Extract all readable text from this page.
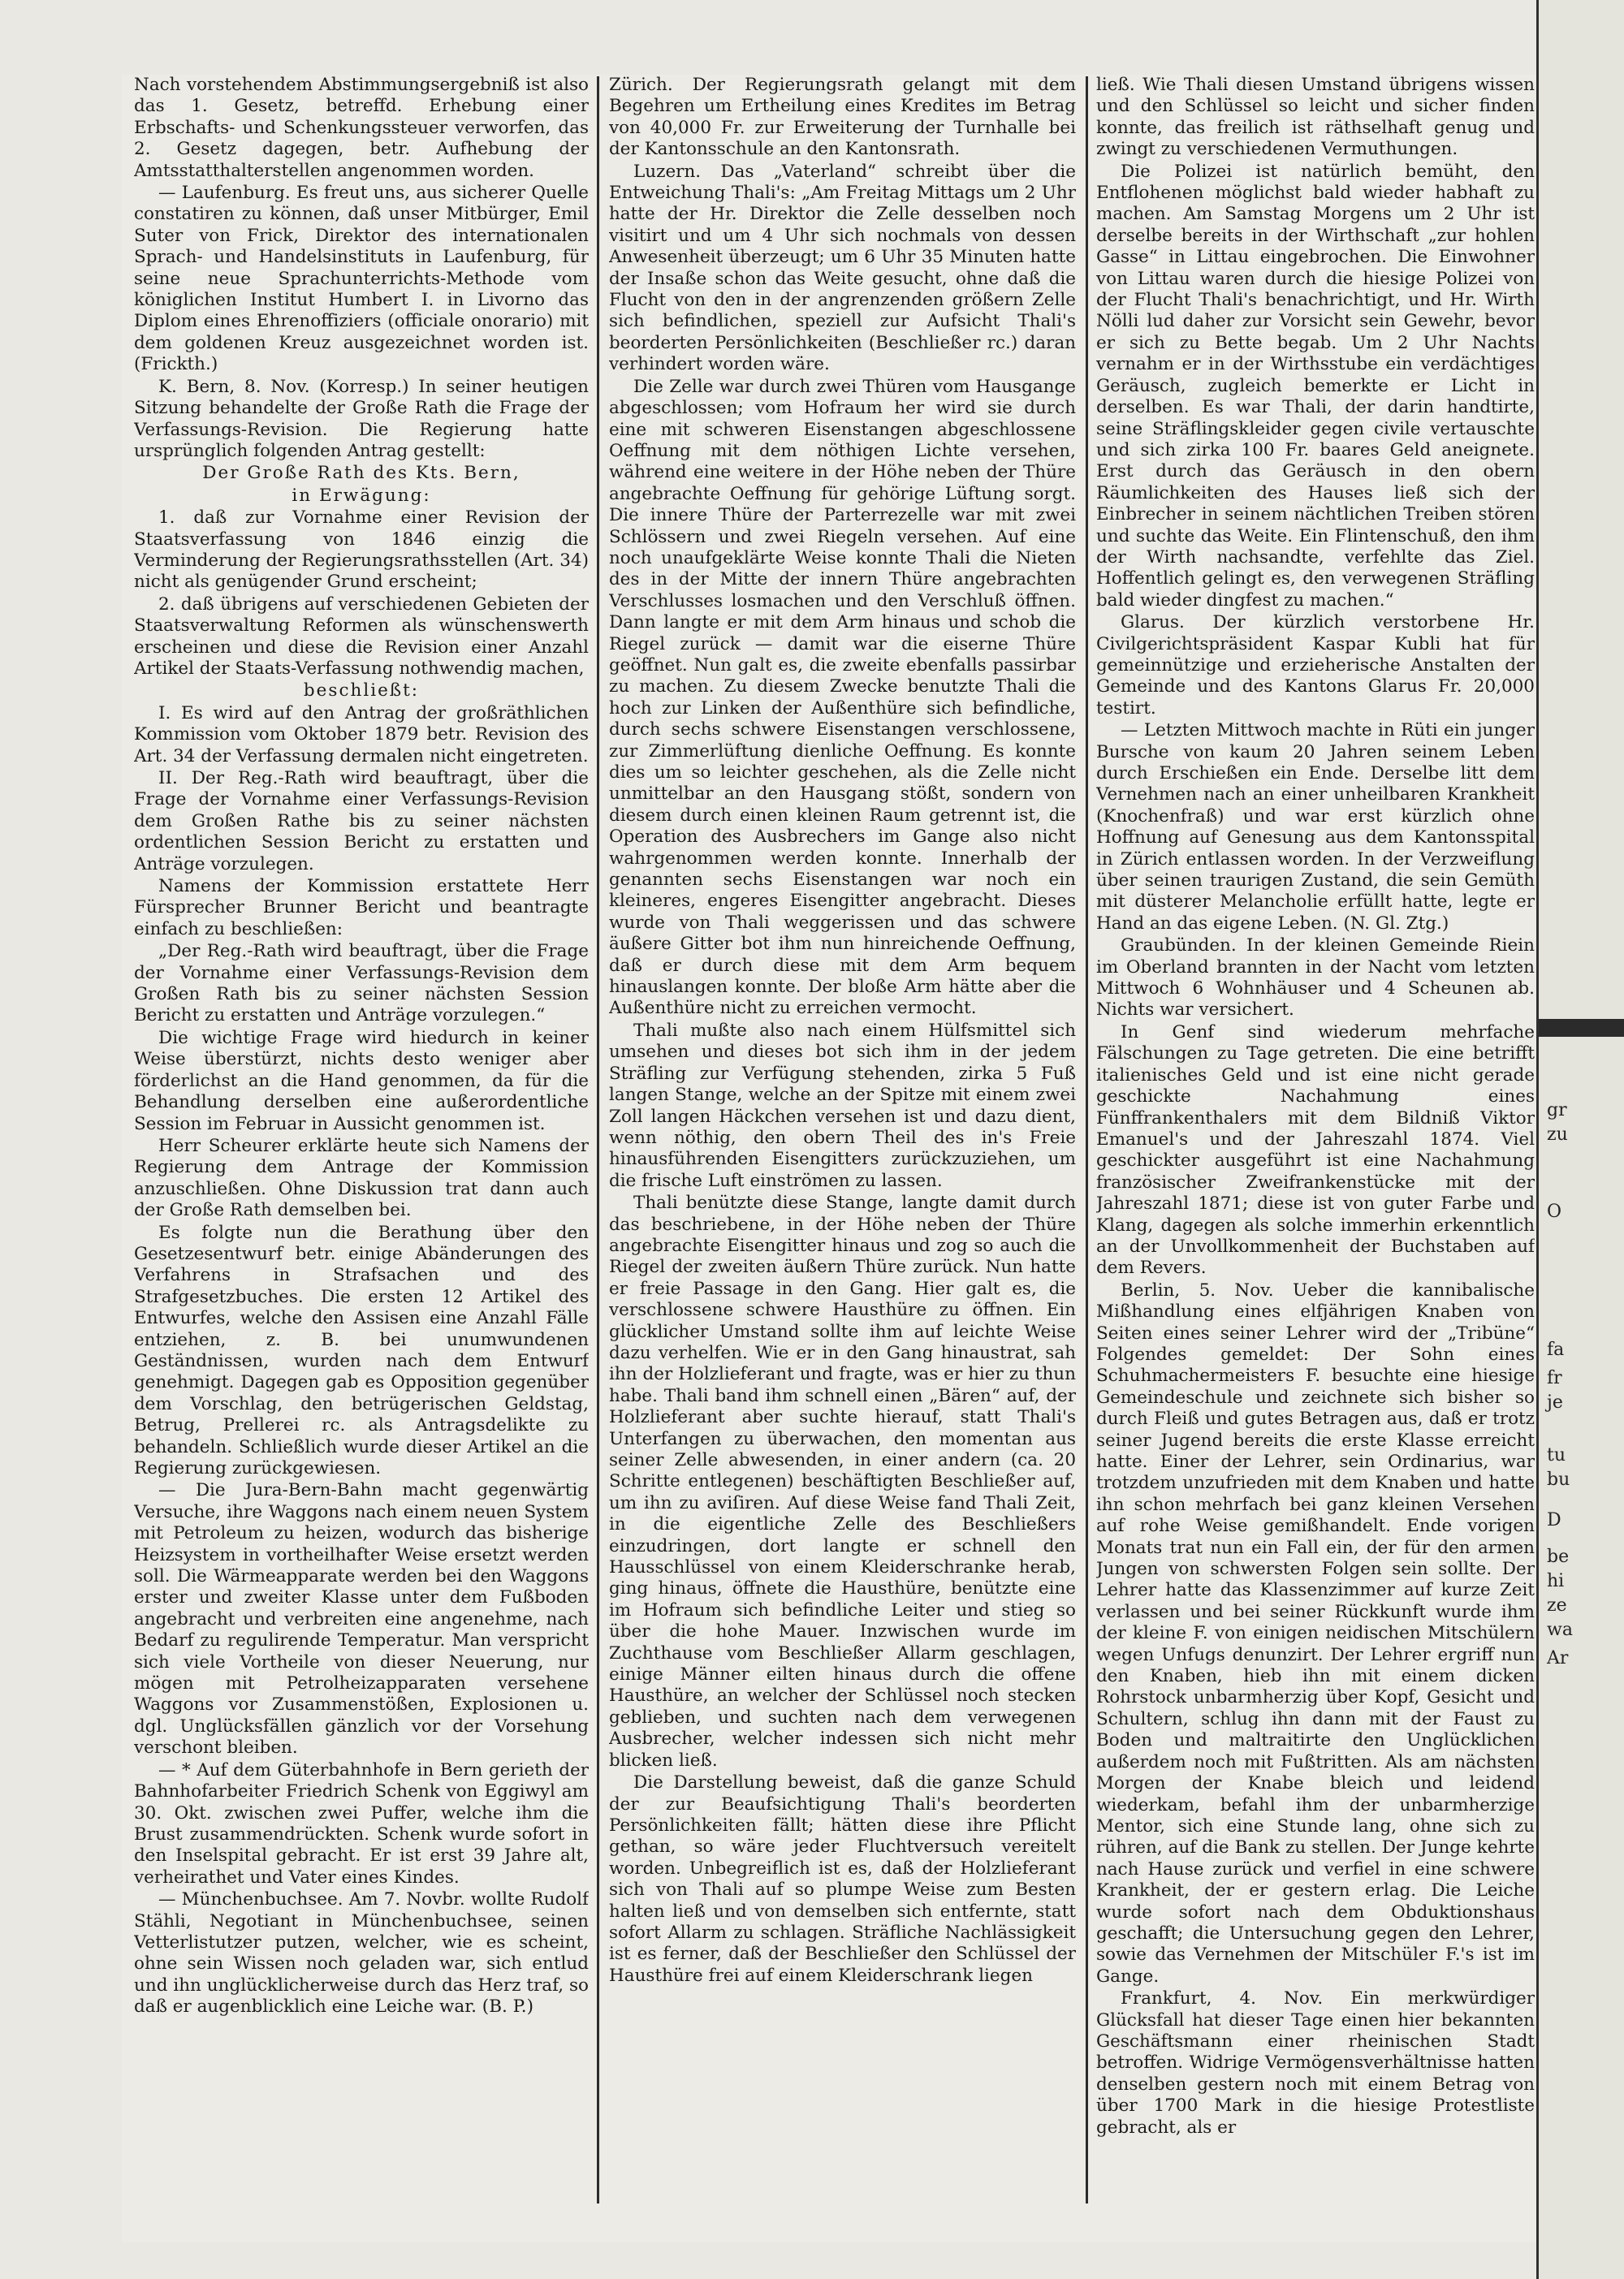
Nach vorstehendem Abstimmungsergebniß ist also das 1. Gesetz, betreffd. Erhebung einer Erbschafts- und Schenkungssteuer verworfen, das 2. Gesetz dagegen, betr. Aufhebung der Amtsstatthalterstellen angenommen worden.

— Laufenburg. Es freut uns, aus sicherer Quelle constatiren zu können, daß unser Mitbürger, Emil Suter von Frick, Direktor des internationalen Sprach- und Handelsinstituts in Laufenburg, für seine neue Sprachunterrichts-Methode vom königlichen Institut Humbert I. in Livorno das Diplom eines Ehrenoffiziers (officiale onorario) mit dem goldenen Kreuz ausgezeichnet worden ist. (Frickth.)

K. Bern, 8. Nov. (Korresp.) In seiner heutigen Sitzung behandelte der Große Rath die Frage der Verfassungs-Revision. Die Regierung hatte ursprünglich folgenden Antrag gestellt:

Der Große Rath des Kts. Bern,

in Erwägung:

1. daß zur Vornahme einer Revision der Staatsverfassung von 1846 einzig die Verminderung der Regierungsrathsstellen (Art. 34) nicht als genügender Grund erscheint;

2. daß übrigens auf verschiedenen Gebieten der Staatsverwaltung Reformen als wünschenswerth erscheinen und diese die Revision einer Anzahl Artikel der Staats-Verfassung nothwendig machen,

beschließt:

I. Es wird auf den Antrag der großräthlichen Kommission vom Oktober 1879 betr. Revision des Art. 34 der Verfassung dermalen nicht eingetreten.

II. Der Reg.-Rath wird beauftragt, über die Frage der Vornahme einer Verfassungs-Revision dem Großen Rathe bis zu seiner nächsten ordentlichen Session Bericht zu erstatten und Anträge vorzulegen.

Namens der Kommission erstattete Herr Fürsprecher Brunner Bericht und beantragte einfach zu beschließen:

„Der Reg.-Rath wird beauftragt, über die Frage der Vornahme einer Verfassungs-Revision dem Großen Rath bis zu seiner nächsten Session Bericht zu erstatten und Anträge vorzulegen.“

Die wichtige Frage wird hiedurch in keiner Weise überstürzt, nichts desto weniger aber förderlichst an die Hand genommen, da für die Behandlung derselben eine außerordentliche Session im Februar in Aussicht genommen ist.

Herr Scheurer erklärte heute sich Namens der Regierung dem Antrage der Kommission anzuschließen. Ohne Diskussion trat dann auch der Große Rath demselben bei.

Es folgte nun die Berathung über den Gesetzesentwurf betr. einige Abänderungen des Verfahrens in Strafsachen und des Strafgesetzbuches. Die ersten 12 Artikel des Entwurfes, welche den Assisen eine Anzahl Fälle entziehen, z. B. bei unumwundenen Geständnissen, wurden nach dem Entwurf genehmigt. Dagegen gab es Opposition gegenüber dem Vorschlag, den betrügerischen Geldstag, Betrug, Prellerei rc. als Antragsdelikte zu behandeln. Schließlich wurde dieser Artikel an die Regierung zurückgewiesen.

— Die Jura-Bern-Bahn macht gegenwärtig Versuche, ihre Waggons nach einem neuen System mit Petroleum zu heizen, wodurch das bisherige Heizsystem in vortheilhafter Weise ersetzt werden soll. Die Wärmeapparate werden bei den Waggons erster und zweiter Klasse unter dem Fußboden angebracht und verbreiten eine angenehme, nach Bedarf zu regulirende Temperatur. Man verspricht sich viele Vortheile von dieser Neuerung, nur mögen mit Petrolheizapparaten versehene Waggons vor Zusammenstößen, Explosionen u. dgl. Unglücksfällen gänzlich vor der Vorsehung verschont bleiben.

— * Auf dem Güterbahnhofe in Bern gerieth der Bahnhofarbeiter Friedrich Schenk von Eggiwyl am 30. Okt. zwischen zwei Puffer, welche ihm die Brust zusammendrückten. Schenk wurde sofort in den Inselspital gebracht. Er ist erst 39 Jahre alt, verheirathet und Vater eines Kindes.

— Münchenbuchsee. Am 7. Novbr. wollte Rudolf Stähli, Negotiant in Münchenbuchsee, seinen Vetterlistutzer putzen, welcher, wie es scheint, ohne sein Wissen noch geladen war, sich entlud und ihn unglücklicherweise durch das Herz traf, so daß er augenblicklich eine Leiche war. (B. P.)

Zürich. Der Regierungsrath gelangt mit dem Begehren um Ertheilung eines Kredites im Betrag von 40,000 Fr. zur Erweiterung der Turnhalle bei der Kantonsschule an den Kantonsrath.

Luzern. Das „Vaterland“ schreibt über die Entweichung Thali's: „Am Freitag Mittags um 2 Uhr hatte der Hr. Direktor die Zelle desselben noch visitirt und um 4 Uhr sich nochmals von dessen Anwesenheit überzeugt; um 6 Uhr 35 Minuten hatte der Insaße schon das Weite gesucht, ohne daß die Flucht von den in der angrenzenden größern Zelle sich befindlichen, speziell zur Aufsicht Thali's beorderten Persönlichkeiten (Beschließer rc.) daran verhindert worden wäre.

Die Zelle war durch zwei Thüren vom Hausgange abgeschlossen; vom Hofraum her wird sie durch eine mit schweren Eisenstangen abgeschlossene Oeffnung mit dem nöthigen Lichte versehen, während eine weitere in der Höhe neben der Thüre angebrachte Oeffnung für gehörige Lüftung sorgt. Die innere Thüre der Parterrezelle war mit zwei Schlössern und zwei Riegeln versehen. Auf eine noch unaufgeklärte Weise konnte Thali die Nieten des in der Mitte der innern Thüre angebrachten Verschlusses losmachen und den Verschluß öffnen. Dann langte er mit dem Arm hinaus und schob die Riegel zurück — damit war die eiserne Thüre geöffnet. Nun galt es, die zweite ebenfalls passirbar zu machen. Zu diesem Zwecke benutzte Thali die hoch zur Linken der Außenthüre sich befindliche, durch sechs schwere Eisenstangen verschlossene, zur Zimmerlüftung dienliche Oeffnung. Es konnte dies um so leichter geschehen, als die Zelle nicht unmittelbar an den Hausgang stößt, sondern von diesem durch einen kleinen Raum getrennt ist, die Operation des Ausbrechers im Gange also nicht wahrgenommen werden konnte. Innerhalb der genannten sechs Eisenstangen war noch ein kleineres, engeres Eisengitter angebracht. Dieses wurde von Thali weggerissen und das schwere äußere Gitter bot ihm nun hinreichende Oeffnung, daß er durch diese mit dem Arm bequem hinauslangen konnte. Der bloße Arm hätte aber die Außenthüre nicht zu erreichen vermocht.

Thali mußte also nach einem Hülfsmittel sich umsehen und dieses bot sich ihm in der jedem Sträfling zur Verfügung stehenden, zirka 5 Fuß langen Stange, welche an der Spitze mit einem zwei Zoll langen Häckchen versehen ist und dazu dient, wenn nöthig, den obern Theil des in's Freie hinausführenden Eisengitters zurückzuziehen, um die frische Luft einströmen zu lassen.

Thali benützte diese Stange, langte damit durch das beschriebene, in der Höhe neben der Thüre angebrachte Eisengitter hinaus und zog so auch die Riegel der zweiten äußern Thüre zurück. Nun hatte er freie Passage in den Gang. Hier galt es, die verschlossene schwere Hausthüre zu öffnen. Ein glücklicher Umstand sollte ihm auf leichte Weise dazu verhelfen. Wie er in den Gang hinaustrat, sah ihn der Holzlieferant und fragte, was er hier zu thun habe. Thali band ihm schnell einen „Bären“ auf, der Holzlieferant aber suchte hierauf, statt Thali's Unterfangen zu überwachen, den momentan aus seiner Zelle abwesenden, in einer andern (ca. 20 Schritte entlegenen) beschäftigten Beschließer auf, um ihn zu aviſiren. Auf diese Weise fand Thali Zeit, in die eigentliche Zelle des Beschließers einzudringen, dort langte er schnell den Hausschlüssel von einem Kleiderschranke herab, ging hinaus, öffnete die Hausthüre, benützte eine im Hofraum sich befindliche Leiter und stieg so über die hohe Mauer. Inzwischen wurde im Zuchthause vom Beschließer Allarm geschlagen, einige Männer eilten hinaus durch die offene Hausthüre, an welcher der Schlüssel noch stecken geblieben, und suchten nach dem verwegenen Ausbrecher, welcher indessen sich nicht mehr blicken ließ.

Die Darstellung beweist, daß die ganze Schuld der zur Beaufsichtigung Thali's beorderten Persönlichkeiten fällt; hätten diese ihre Pflicht gethan, so wäre jeder Fluchtversuch vereitelt worden. Unbegreiflich ist es, daß der Holzlieferant sich von Thali auf so plumpe Weise zum Besten halten ließ und von demselben sich entfernte, statt sofort Allarm zu schlagen. Sträfliche Nachlässigkeit ist es ferner, daß der Beschließer den Schlüssel der Hausthüre frei auf einem Kleiderschrank liegen

ließ. Wie Thali diesen Umstand übrigens wissen und den Schlüssel so leicht und sicher finden konnte, das freilich ist räthselhaft genug und zwingt zu verschiedenen Vermuthungen.

Die Polizei ist natürlich bemüht, den Entflohenen möglichst bald wieder habhaft zu machen. Am Samstag Morgens um 2 Uhr ist derselbe bereits in der Wirthschaft „zur hohlen Gasse“ in Littau eingebrochen. Die Einwohner von Littau waren durch die hiesige Polizei von der Flucht Thali's benachrichtigt, und Hr. Wirth Nölli lud daher zur Vorsicht sein Gewehr, bevor er sich zu Bette begab. Um 2 Uhr Nachts vernahm er in der Wirthsstube ein verdächtiges Geräusch, zugleich bemerkte er Licht in derselben. Es war Thali, der darin handtirte, seine Sträflingskleider gegen civile vertauschte und sich zirka 100 Fr. baares Geld aneignete. Erst durch das Geräusch in den obern Räumlichkeiten des Hauses ließ sich der Einbrecher in seinem nächtlichen Treiben stören und suchte das Weite. Ein Flintenschuß, den ihm der Wirth nachsandte, verfehlte das Ziel. Hoffentlich gelingt es, den verwegenen Sträfling bald wieder dingfest zu machen.“

Glarus. Der kürzlich verstorbene Hr. Civilgerichtspräsident Kaspar Kubli hat für gemeinnützige und erzieherische Anstalten der Gemeinde und des Kantons Glarus Fr. 20,000 testirt.

— Letzten Mittwoch machte in Rüti ein junger Bursche von kaum 20 Jahren seinem Leben durch Erschießen ein Ende. Derselbe litt dem Vernehmen nach an einer unheilbaren Krankheit (Knochenfraß) und war erst kürzlich ohne Hoffnung auf Genesung aus dem Kantonsspital in Zürich entlassen worden. In der Verzweiflung über seinen traurigen Zustand, die sein Gemüth mit düsterer Melancholie erfüllt hatte, legte er Hand an das eigene Leben. (N. Gl. Ztg.)

Graubünden. In der kleinen Gemeinde Riein im Oberland brannten in der Nacht vom letzten Mittwoch 6 Wohnhäuser und 4 Scheunen ab. Nichts war versichert.

In Genf sind wiederum mehrfache Fälschungen zu Tage getreten. Die eine betrifft italienisches Geld und ist eine nicht gerade geschickte Nachahmung eines Fünffrankenthalers mit dem Bildniß Viktor Emanuel's und der Jahreszahl 1874. Viel geschickter ausgeführt ist eine Nachahmung französischer Zweifrankenstücke mit der Jahreszahl 1871; diese ist von guter Farbe und Klang, dagegen als solche immerhin erkenntlich an der Unvollkommenheit der Buchstaben auf dem Revers.

Berlin, 5. Nov. Ueber die kannibalische Mißhandlung eines elfjährigen Knaben von Seiten eines seiner Lehrer wird der „Tribüne“ Folgendes gemeldet: Der Sohn eines Schuhmachermeisters F. besuchte eine hiesige Gemeindeschule und zeichnete sich bisher so durch Fleiß und gutes Betragen aus, daß er trotz seiner Jugend bereits die erste Klasse erreicht hatte. Einer der Lehrer, sein Ordinarius, war trotzdem unzufrieden mit dem Knaben und hatte ihn schon mehrfach bei ganz kleinen Versehen auf rohe Weise gemißhandelt. Ende vorigen Monats trat nun ein Fall ein, der für den armen Jungen von schwersten Folgen sein sollte. Der Lehrer hatte das Klassenzimmer auf kurze Zeit verlassen und bei seiner Rückkunft wurde ihm der kleine F. von einigen neidischen Mitschülern wegen Unfugs denunzirt. Der Lehrer ergriff nun den Knaben, hieb ihn mit einem dicken Rohrstock unbarmherzig über Kopf, Gesicht und Schultern, schlug ihn dann mit der Faust zu Boden und maltraitirte den Unglücklichen außerdem noch mit Fußtritten. Als am nächsten Morgen der Knabe bleich und leidend wiederkam, befahl ihm der unbarmherzige Mentor, sich eine Stunde lang, ohne sich zu rühren, auf die Bank zu stellen. Der Junge kehrte nach Hause zurück und verfiel in eine schwere Krankheit, der er gestern erlag. Die Leiche wurde sofort nach dem Obduktionshaus geschafft; die Untersuchung gegen den Lehrer, sowie das Vernehmen der Mitschüler F.'s ist im Gange.

Frankfurt, 4. Nov. Ein merkwürdiger Glücksfall hat dieser Tage einen hier bekannten Geschäftsmann einer rheinischen Stadt betroffen. Widrige Vermögensverhältnisse hatten denselben gestern noch mit einem Betrag von über 1700 Mark in die hiesige Protestliste gebracht, als er

gr
zu
O
fa
fr
je
tu
bu
D
be
hi
ze
wa
Ar
